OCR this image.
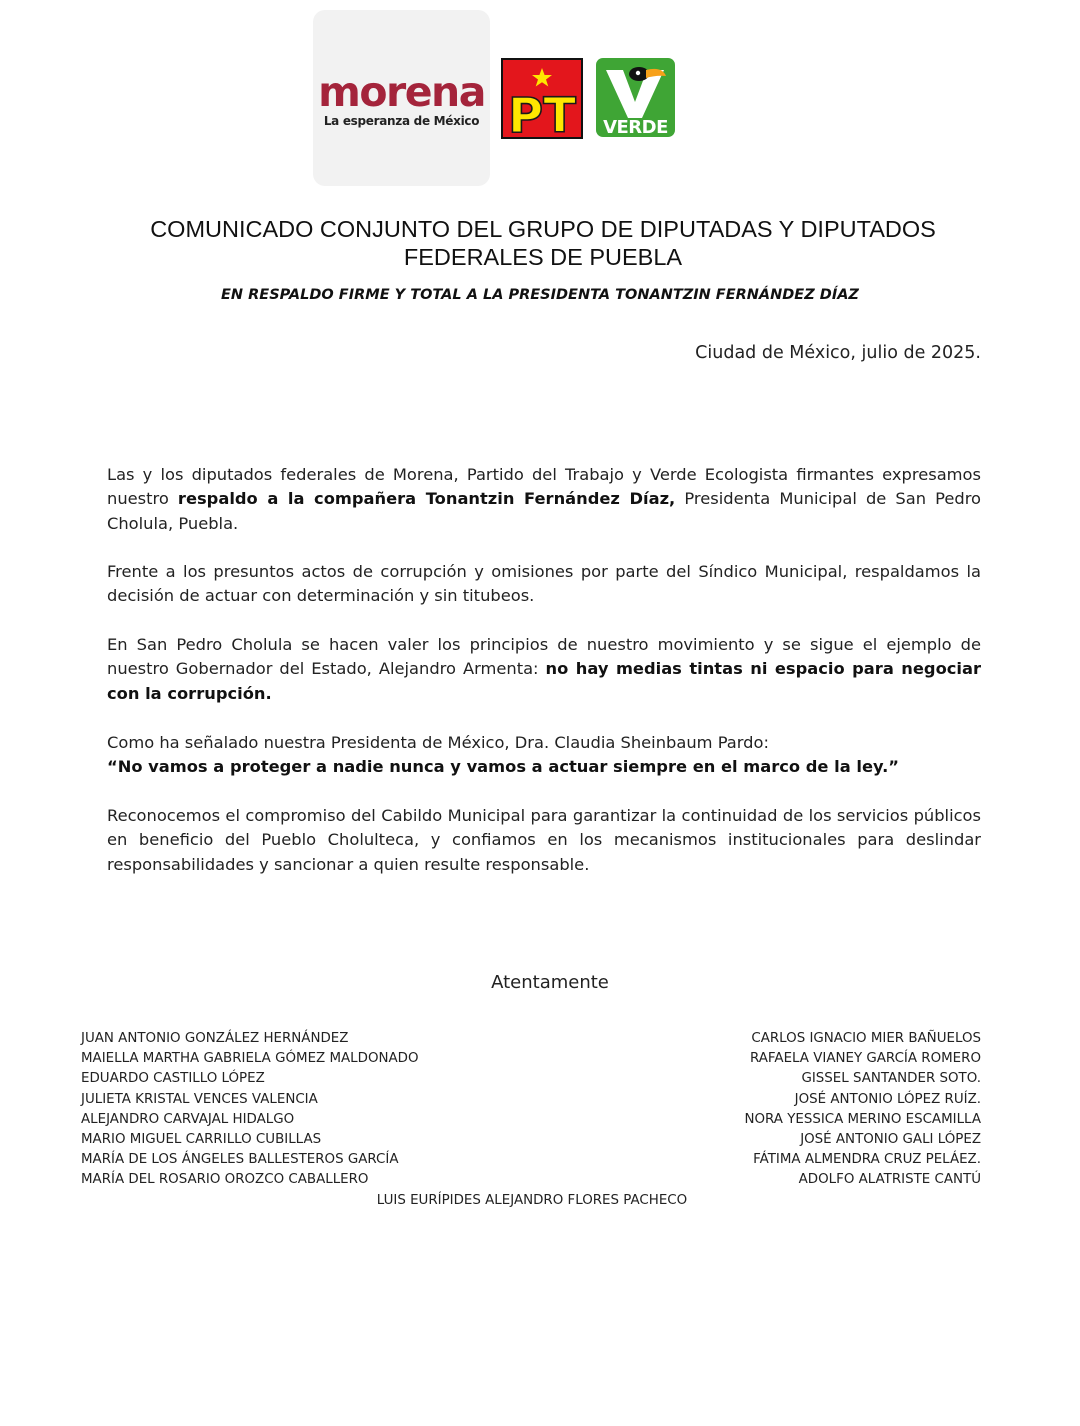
morena
La esperanza de México PT VERDE
COMUNICADO CONJUNTO DEL GRUPO DE DIPUTADAS Y DIPUTADOS
FEDERALES DE PUEBLA
EN RESPALDO FIRME Y TOTAL A LA PRESIDENTA TONANTZIN FERNÁNDEZ DÍAZ
Ciudad de México, julio de 2025.
Las y los diputados federales de Morena, Partido del Trabajo y Verde Ecologista firmantes expresamos nuestro respaldo a la compañera Tonantzin Fernández Díaz, Presidenta Municipal de San Pedro Cholula, Puebla.
Frente a los presuntos actos de corrupción y omisiones por parte del Síndico Municipal, respaldamos la decisión de actuar con determinación y sin titubeos.
En San Pedro Cholula se hacen valer los principios de nuestro movimiento y se sigue el ejemplo de nuestro Gobernador del Estado, Alejandro Armenta: no hay medias tintas ni espacio para negociar con la corrupción.
Como ha señalado nuestra Presidenta de México, Dra. Claudia Sheinbaum Pardo:
“No vamos a proteger a nadie nunca y vamos a actuar siempre en el marco de la ley.”
Reconocemos el compromiso del Cabildo Municipal para garantizar la continuidad de los servicios públicos en beneficio del Pueblo Cholulteca, y confiamos en los mecanismos institucionales para deslindar responsabilidades y sancionar a quien resulte responsable.
Atentamente
JUAN ANTONIO GONZÁLEZ HERNÁNDEZ
MAIELLA MARTHA GABRIELA GÓMEZ MALDONADO
EDUARDO CASTILLO LÓPEZ
JULIETA KRISTAL VENCES VALENCIA
ALEJANDRO CARVAJAL HIDALGO
MARIO MIGUEL CARRILLO CUBILLAS
MARÍA DE LOS ÁNGELES BALLESTEROS GARCÍA
MARÍA DEL ROSARIO OROZCO CABALLERO
CARLOS IGNACIO MIER BAÑUELOS
RAFAELA VIANEY GARCÍA ROMERO
GISSEL SANTANDER SOTO.
JOSÉ ANTONIO LÓPEZ RUÍZ.
NORA YESSICA MERINO ESCAMILLA
JOSÉ ANTONIO GALI LÓPEZ
FÁTIMA ALMENDRA CRUZ PELÁEZ.
ADOLFO ALATRISTE CANTÚ
LUIS EURÍPIDES ALEJANDRO FLORES PACHECO
